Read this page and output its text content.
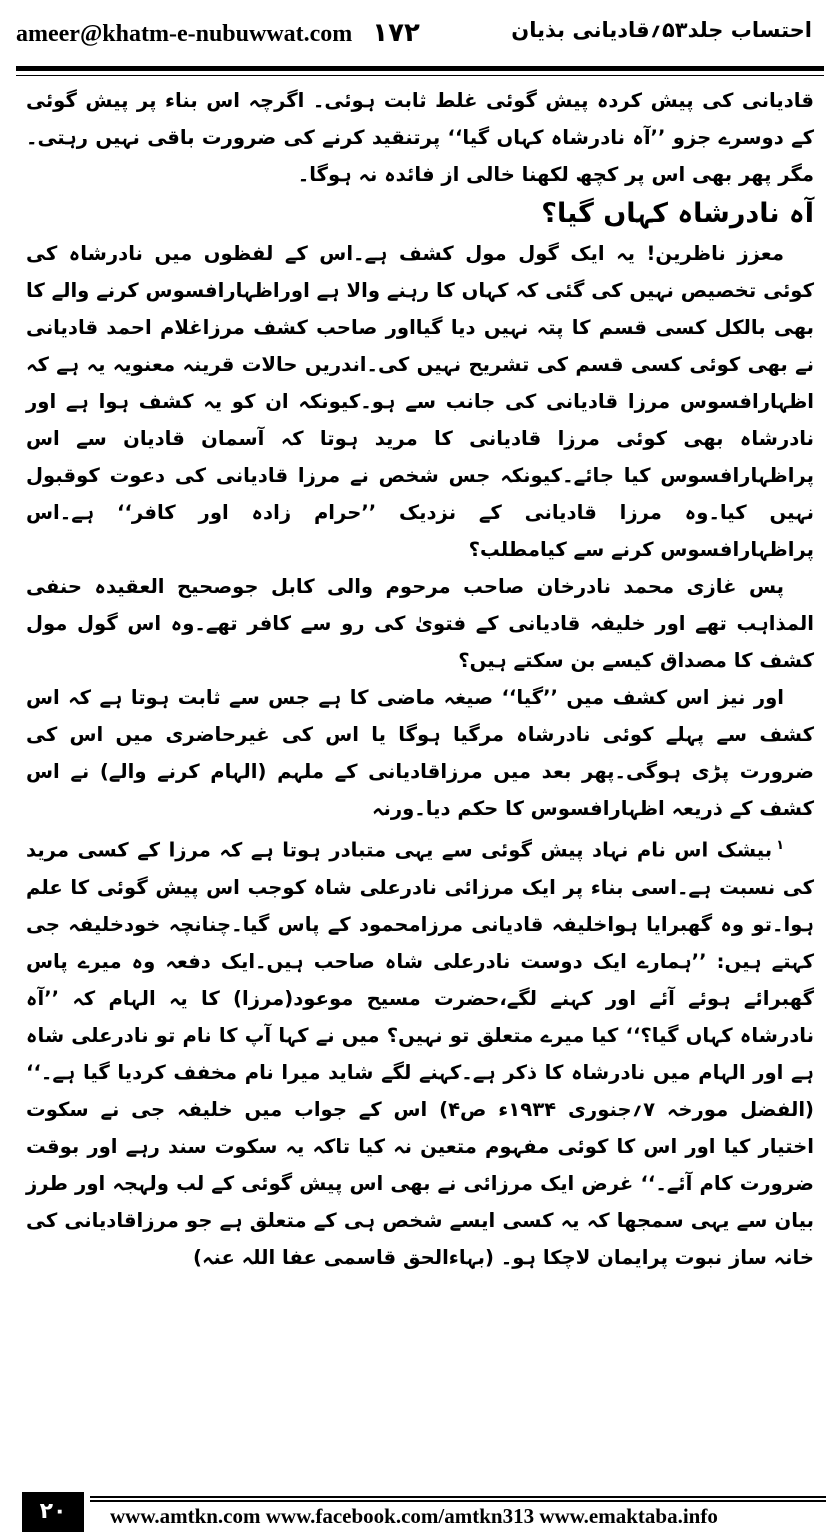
ameer@khatm-e-nubuwwat.com ۱۷۲	احتساب جلد۵۳؍قادیانی بذیان

قادیانی کی پیش کردہ پیش گوئی غلط ثابت ہوئی۔ اگرچہ اس بناء پر پیش گوئی کے دوسرے جزو ’’آہ نادرشاہ کہاں گیا‘‘ پرتنقید کرنے کی ضرورت باقی نہیں رہتی۔مگر پھر بھی اس پر کچھ لکھنا خالی از فائدہ نہ ہوگا۔

آہ نادرشاہ کہاں گیا؟

معزز ناظرین! یہ ایک گول مول کشف ہے۔اس کے لفظوں میں نادرشاہ کی کوئی تخصیص نہیں کی گئی کہ کہاں کا رہنے والا ہے اوراظہارافسوس کرنے والے کا بھی بالکل کسی قسم کا پتہ نہیں دیا گیااور صاحب کشف مرزاغلام احمد قادیانی نے بھی کوئی کسی قسم کی تشریح نہیں کی۔اندریں حالات قرینہ معنویہ یہ ہے کہ اظہارافسوس مرزا قادیانی کی جانب سے ہو۔کیونکہ ان کو یہ کشف ہوا ہے اور نادرشاہ بھی کوئی مرزا قادیانی کا مرید ہوتا کہ آسمان قادیان سے اس پراظہارافسوس کیا جائے۔کیونکہ جس شخص نے مرزا قادیانی کی دعوت کوقبول نہیں کیا۔وہ مرزا قادیانی کے نزدیک ’’حرام زادہ اور کافر‘‘ ہے۔اس پراظہارافسوس کرنے سے کیامطلب؟

پس غازی محمد نادرخان صاحب مرحوم والی کابل جوصحیح العقیدہ حنفی المذاہب تھے اور خلیفہ قادیانی کے فتویٰ کی رو سے کافر تھے۔وہ اس گول مول کشف کا مصداق کیسے بن سکتے ہیں؟

اور نیز اس کشف میں ’’گیا‘‘ صیغہ ماضی کا ہے جس سے ثابت ہوتا ہے کہ اس کشف سے پہلے کوئی نادرشاہ مرگیا ہوگا یا اس کی غیرحاضری میں اس کی ضرورت پڑی ہوگی۔پھر بعد میں مرزاقادیانی کے ملہم (الہام کرنے والے) نے اس کشف کے ذریعہ اظہارافسوس کا حکم دیا۔ورنہ

$^۱$بیشک اس نام نہاد پیش گوئی سے یہی متبادر ہوتا ہے کہ مرزا کے کسی مرید کی نسبت ہے۔اسی بناء پر ایک مرزائی نادرعلی شاہ کوجب اس پیش گوئی کا علم ہوا۔تو وہ گھبرایا ہواخلیفہ قادیانی مرزامحمود کے پاس گیا۔چنانچہ خودخلیفہ جی کہتے ہیں: ’’ہمارے ایک دوست نادرعلی شاہ صاحب ہیں۔ایک دفعہ وہ میرے پاس گھبرائے ہوئے آئے اور کہنے لگے،حضرت مسیح موعود(مرزا) کا یہ الہام کہ ’’آہ نادرشاہ کہاں گیا؟‘‘ کیا میرے متعلق تو نہیں؟ میں نے کہا آپ کا نام تو نادرعلی شاہ ہے اور الہام میں نادرشاہ کا ذکر ہے۔کہنے لگے شاید میرا نام مخفف کردیا گیا ہے۔‘‘ (الفضل مورخہ ۷؍جنوری ۱۹۳۴ء ص۴) اس کے جواب میں خلیفہ جی نے سکوت اختیار کیا اور اس کا کوئی مفہوم متعین نہ کیا تاکہ یہ سکوت سند رہے اور بوقت ضرورت کام آئے۔‘‘ غرض ایک مرزائی نے بھی اس پیش گوئی کے لب ولہجہ اور طرز بیان سے یہی سمجھا کہ یہ کسی ایسے شخص ہی کے متعلق ہے جو مرزاقادیانی کی خانہ ساز نبوت پرایمان لاچکا ہو۔ (بہاءالحق قاسمی عفا اللہ عنہ)

۲۰	www.amtkn.com www.facebook.com/amtkn313 www.emaktaba.info
